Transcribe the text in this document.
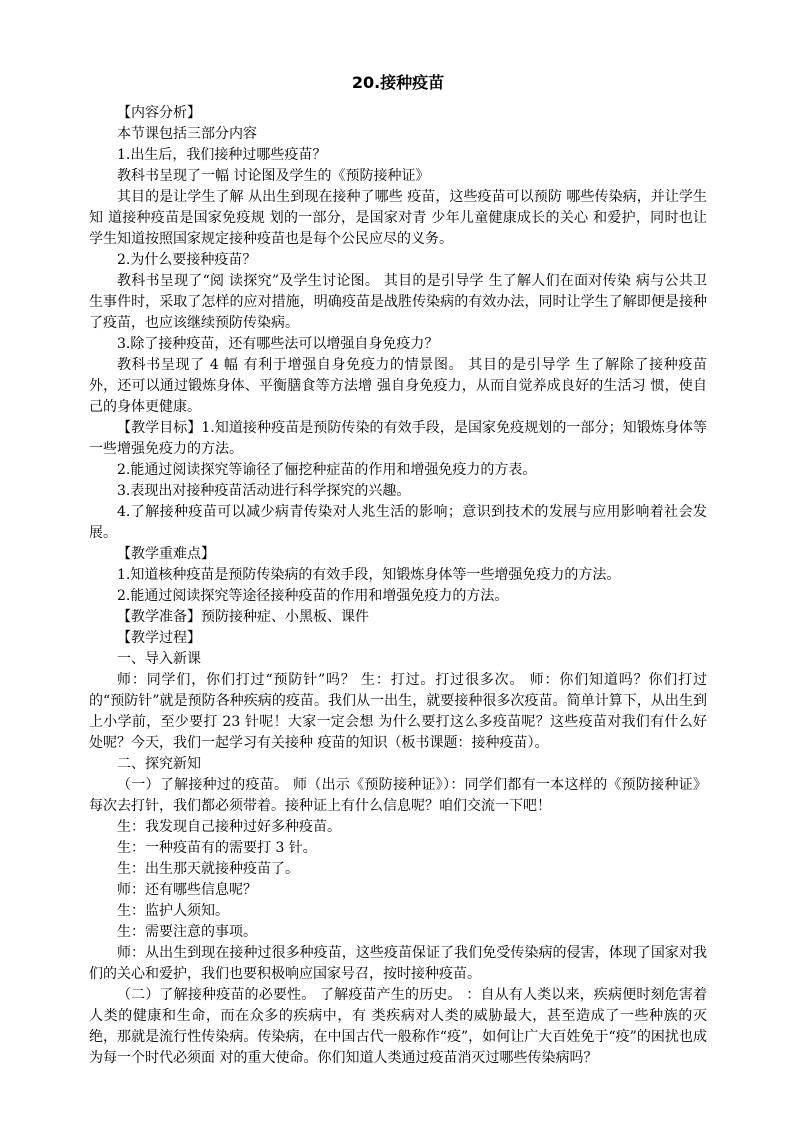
20.接种疫苗

【内容分析】

本节课包括三部分内容

1.出生后，我们接种过哪些疫苗？

教科书呈现了一幅 讨论图及学生的《预防接种证》

其目的是让学生了解 从出生到现在接种了哪些 疫苗，这些疫苗可以预防 哪些传染病，并让学生知 道接种疫苗是国家免疫规 划的一部分，是国家对青 少年儿童健康成长的关心 和爱护，同时也让学生知道按照国家规定接种疫苗也是每个公民应尽的义务。

2.为什么要接种疫苗？

教科书呈现了“阅 读探究”及学生讨论图。 其目的是引导学 生了解人们在面对传染 病与公共卫生事件时，采取了怎样的应对措施，明确疫苗是战胜传染病的有效办法，同时让学生了解即便是接种了疫苗，也应该继续预防传染病。

3.除了接种疫苗，还有哪些法可以增强自身免疫力？

教科书呈现了 4 幅 有利于增强自身免疫力的情景图。 其目的是引导学 生了解除了接种疫苗外，还可以通过锻炼身体、平衡膳食等方法增 强自身免疫力，从而自觉养成良好的生活习 惯，使自己的身体更健康。

【教学目标】1.知道接种疫苗是预防传染的有效手段，是国家免疫规划的一部分；知锻炼身体等一些增强免疫力的方法。

2.能通过阅读探究等谕径了俪挖种症苗的作用和增强免疫力的方表。

3.表现出对接种疫苗活动进行科学探究的兴趣。

4.了解接种疫苗可以减少病青传染对人兆生活的影响；意识到技术的发展与应用影响着社会发展。

【教学重难点】

1.知道核种疫苗是预防传染病的有效手段，知锻炼身体等一些增强免疫力的方法。

2.能通过阅读探究等途径接种疫苗的作用和增强免疫力的方法。

【教学准备】预防接种症、小黑板、课件

【教学过程】

一、导入新课

师：同学们，你们打过“预防针”吗？ 生：打过。打过很多次。 师：你们知道吗？你们打过的“预防针”就是预防各种疾病的疫苗。我们从一出生，就要接种很多次疫苗。简单计算下，从出生到上小学前，至少要打 23 针呢！大家一定会想 为什么要打这么多疫苗呢？这些疫苗对我们有什么好处呢？今天，我们一起学习有关接种 疫苗的知识（板书课题：接种疫苗）。

二、探究新知

（一）了解接种过的疫苗。 师（出示《预防接种证》）：同学们都有一本这样的《预防接种证》 每次去打针，我们都必须带着。接种证上有什么信息呢？咱们交流一下吧！

生：我发现自己接种过好多种疫苗。

生：一种疫苗有的需要打 3 针。

生：出生那天就接种疫苗了。

师：还有哪些信息呢？

生：监护人须知。

生：需要注意的事项。

师：从出生到现在接种过很多种疫苗，这些疫苗保证了我们免受传染病的侵害，体现了国家对我们的关心和爱护，我们也要积极响应国家号召，按时接种疫苗。

（二）了解接种疫苗的必要性。 了解疫苗产生的历史。 ：自从有人类以来，疾病便时刻危害着人类的健康和生命，而在众多的疾病中，有 类疾病对人类的威胁最大，甚至造成了一些种族的灭绝，那就是流行性传染病。传染病，在中国古代一般称作“疫”，如何让广大百姓免于“疫”的困扰也成为每一个时代必须面 对的重大使命。你们知道人类通过疫苗消灭过哪些传染病吗？
